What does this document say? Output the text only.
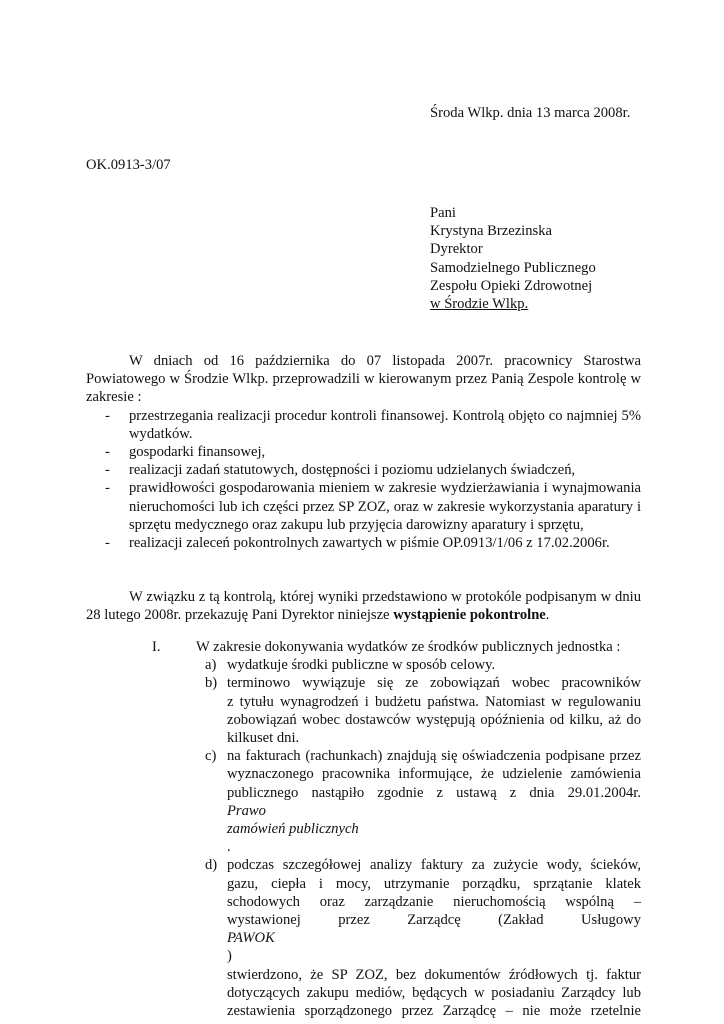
Środa Wlkp. dnia 13 marca 2008r.
OK.0913-3/07
Pani
Krystyna Brzezinska
Dyrektor
Samodzielnego Publicznego
Zespołu Opieki Zdrowotnej
w Środzie Wlkp.
W dniach od 16 października do 07 listopada 2007r. pracownicy Starostwa Powiatowego w Środzie Wlkp. przeprowadzili w kierowanym przez Panią Zespole kontrolę w zakresie :
- przestrzegania realizacji procedur kontroli finansowej. Kontrolą objęto co najmniej 5% wydatków.
- gospodarki finansowej,
- realizacji zadań statutowych, dostępności i poziomu udzielanych świadczeń,
- prawidłowości gospodarowania mieniem w zakresie wydzierżawiania i wynajmowania nieruchomości lub ich części przez SP ZOZ, oraz w zakresie wykorzystania aparatury i sprzętu medycznego oraz zakupu lub przyjęcia darowizny aparatury i sprzętu,
- realizacji zaleceń pokontrolnych zawartych w piśmie OP.0913/1/06 z 17.02.2006r.
W związku z tą kontrolą, której wyniki przedstawiono w protokóle podpisanym w dniu 28 lutego 2008r. przekazuję Pani Dyrektor niniejsze wystąpienie pokontrolne.
I. W zakresie dokonywania wydatków ze środków publicznych jednostka :
a) wydatkuje środki publiczne w sposób celowy.
b) terminowo wywiązuje się ze zobowiązań wobec pracowników
z tytułu wynagrodzeń i budżetu państwa. Natomiast w regulowaniu
zobowiązań wobec dostawców występują opóźnienia od kilku, aż do
kilkuset dni.
c) na fakturach (rachunkach) znajdują się oświadczenia podpisane przez
wyznaczonego pracownika informujące, że udzielenie zamówienia
publicznego nastąpiło zgodnie z ustawą z dnia 29.01.2004r.
Prawo
zamówień publicznych
.
d) podczas szczegółowej analizy faktury za zużycie wody, ścieków,
gazu, ciepła i mocy, utrzymanie porządku, sprzątanie klatek
schodowych oraz zarządzanie nieruchomością wspólną –
wystawionej przez Zarządcę (Zakład Usługowy
PAWOK
)
stwierdzono, że SP ZOZ, bez dokumentów źródłowych tj. faktur
dotyczących zakupu mediów, będących w posiadaniu Zarządcy lub
zestawienia sporządzonego przez Zarządcę – nie może rzetelnie
